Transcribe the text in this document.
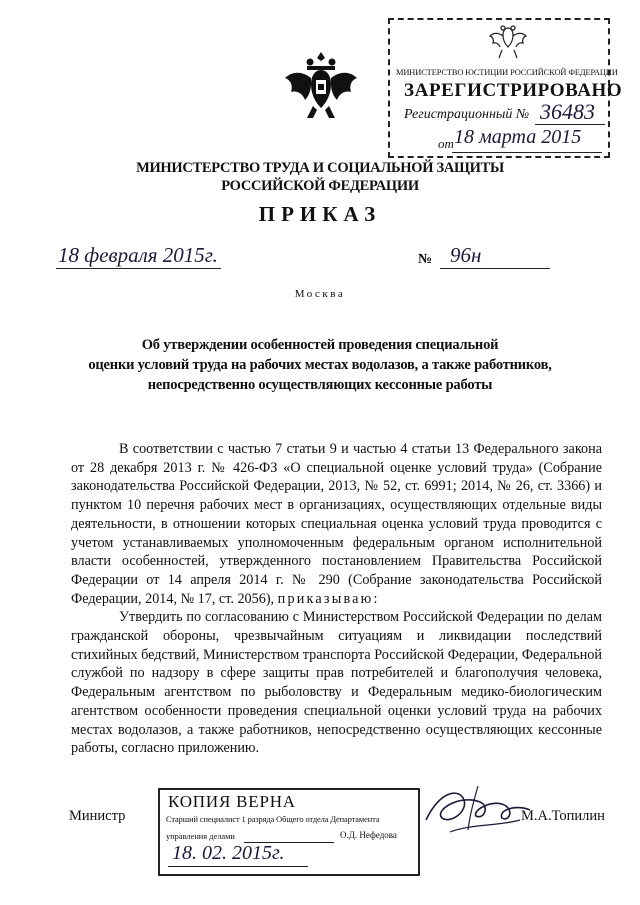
МИНИСТЕРСТВО ЮСТИЦИИ РОССИЙСКОЙ ФЕДЕРАЦИИ
ЗАРЕГИСТРИРОВАНО
Регистрационный № 36483
от 18 марта 2015
МИНИСТЕРСТВО ТРУДА И СОЦИАЛЬНОЙ ЗАЩИТЫ
РОССИЙСКОЙ ФЕДЕРАЦИИ
ПРИКАЗ
18 февраля 2015г.	№ 96н
Москва
Об утверждении особенностей проведения специальной
оценки условий труда на рабочих местах водолазов, а также работников,
непосредственно осуществляющих кессонные работы

В соответствии с частью 7 статьи 9 и частью 4 статьи 13 Федерального закона от 28 декабря 2013 г. № 426-ФЗ «О специальной оценке условий труда» (Собрание законодательства Российской Федерации, 2013, № 52, ст. 6991; 2014, № 26, ст. 3366) и пунктом 10 перечня рабочих мест в организациях, осуществляющих отдельные виды деятельности, в отношении которых специальная оценка условий труда проводится с учетом устанавливаемых уполномоченным федеральным органом исполнительной власти особенностей, утвержденного постановлением Правительства Российской Федерации от 14 апреля 2014 г. № 290 (Собрание законодательства Российской Федерации, 2014, № 17, ст. 2056), приказываю:

Утвердить по согласованию с Министерством Российской Федерации по делам гражданской обороны, чрезвычайным ситуациям и ликвидации последствий стихийных бедствий, Министерством транспорта Российской Федерации, Федеральной службой по надзору в сфере защиты прав потребителей и благополучия человека, Федеральным агентством по рыболовству и Федеральным медико-биологическим агентством особенности проведения специальной оценки условий труда на рабочих местах водолазов, а также работников, непосредственно осуществляющих кессонные работы, согласно приложению.

Министр	М.А.Топилин
КОПИЯ ВЕРНА
Старший специалист 1 разряда Общего отдела Департамента
управления делами	О.Д. Нефедова
18. 02. 2015г.
